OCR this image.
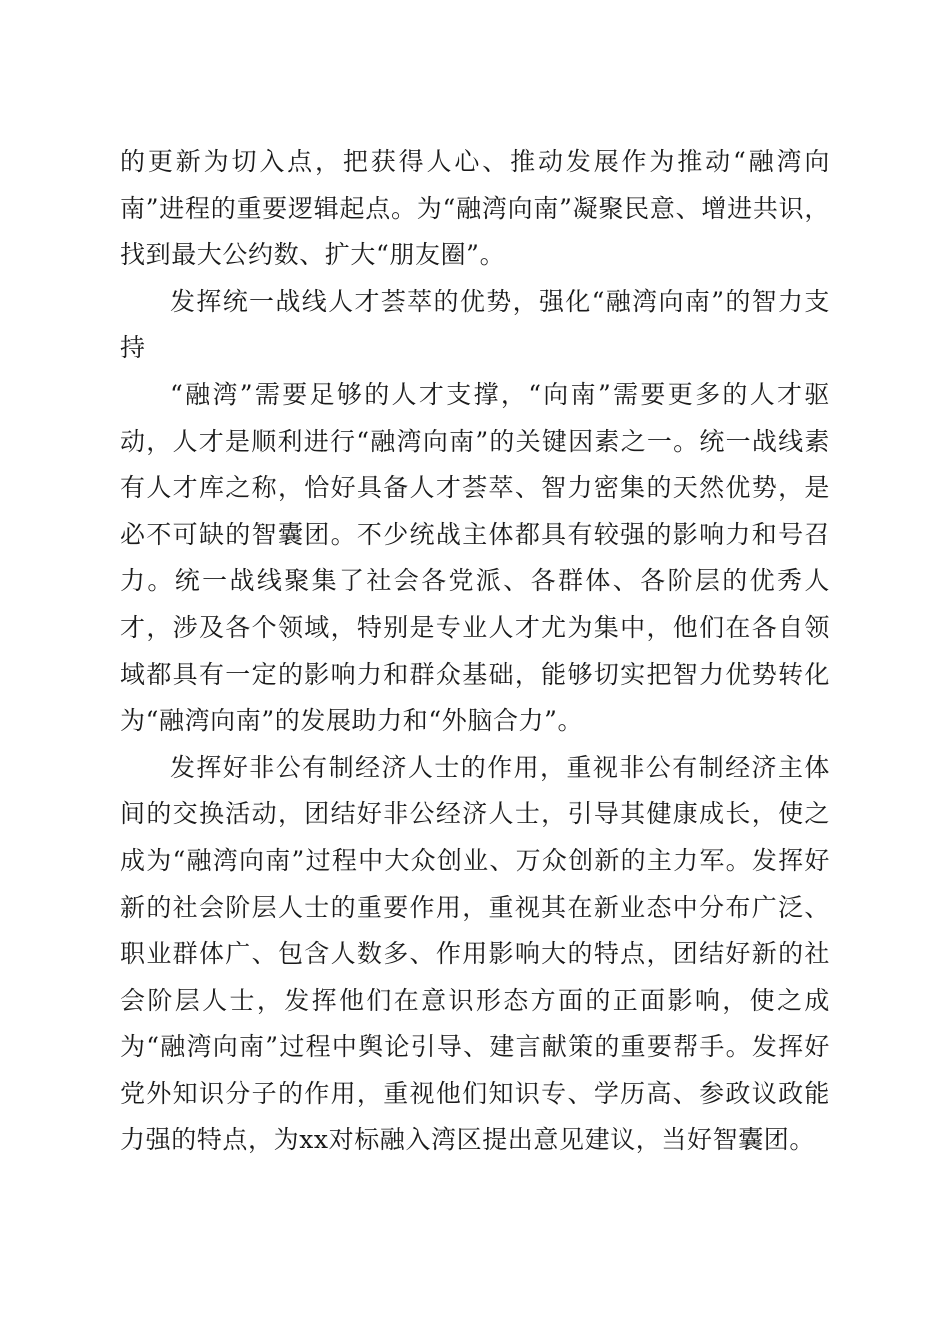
的更新为切入点，把获得人心、推动发展作为推动“融湾向南”进程的重要逻辑起点。为“融湾向南”凝聚民意、增进共识，找到最大公约数、扩大“朋友圈”。

发挥统一战线人才荟萃的优势，强化“融湾向南”的智力支持

“融湾”需要足够的人才支撑，“向南”需要更多的人才驱动，人才是顺利进行“融湾向南”的关键因素之一。统一战线素有人才库之称，恰好具备人才荟萃、智力密集的天然优势，是必不可缺的智囊团。不少统战主体都具有较强的影响力和号召力。统一战线聚集了社会各党派、各群体、各阶层的优秀人才，涉及各个领域，特别是专业人才尤为集中，他们在各自领域都具有一定的影响力和群众基础，能够切实把智力优势转化为“融湾向南”的发展助力和“外脑合力”。

发挥好非公有制经济人士的作用，重视非公有制经济主体间的交换活动，团结好非公经济人士，引导其健康成长，使之成为“融湾向南”过程中大众创业、万众创新的主力军。发挥好新的社会阶层人士的重要作用，重视其在新业态中分布广泛、职业群体广、包含人数多、作用影响大的特点，团结好新的社会阶层人士，发挥他们在意识形态方面的正面影响，使之成为“融湾向南”过程中舆论引导、建言献策的重要帮手。发挥好党外知识分子的作用，重视他们知识专、学历高、参政议政能力强的特点，为xx对标融入湾区提出意见建议，当好智囊团。
